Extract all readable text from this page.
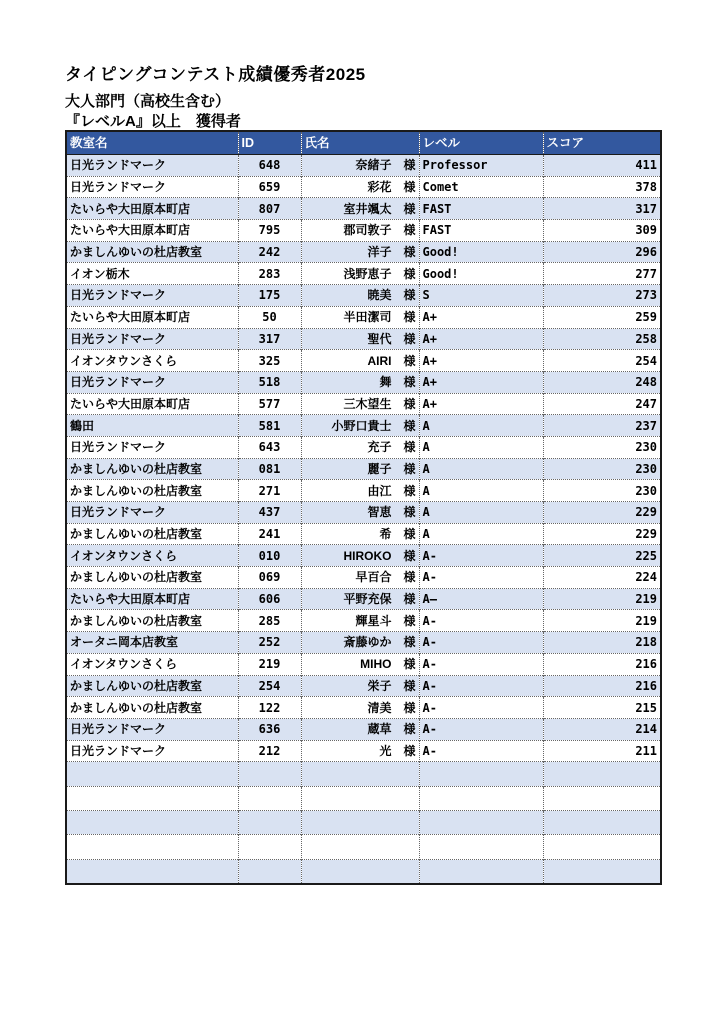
タイピングコンテスト成績優秀者2025
大人部門（高校生含む）
『レベルA』以上　獲得者
教室名	ID	氏名	レベル	スコア
日光ランドマーク	648	奈緒子　様	Professor	411
日光ランドマーク	659	彩花　様	Comet	378
たいらや大田原本町店	807	室井颯太　様	FAST	317
たいらや大田原本町店	795	郡司敦子　様	FAST	309
かましんゆいの杜店教室	242	洋子　様	Good!	296
イオン栃木	283	浅野恵子　様	Good!	277
日光ランドマーク	175	暁美　様	S	273
たいらや大田原本町店	50	半田潔司　様	A+	259
日光ランドマーク	317	聖代　様	A+	258
イオンタウンさくら	325	AIRI　様	A+	254
日光ランドマーク	518	舞　様	A+	248
たいらや大田原本町店	577	三木望生　様	A+	247
鶴田	581	小野口貴士　様	A	237
日光ランドマーク	643	充子　様	A	230
かましんゆいの杜店教室	081	麗子　様	A	230
かましんゆいの杜店教室	271	由江　様	A	230
日光ランドマーク	437	智恵　様	A	229
かましんゆいの杜店教室	241	希　様	A	229
イオンタウンさくら	010	HIROKO　様	A-	225
かましんゆいの杜店教室	069	早百合　様	A-	224
たいらや大田原本町店	606	平野充保　様	A―	219
かましんゆいの杜店教室	285	輝星斗　様	A-	219
オータニ岡本店教室	252	斎藤ゆか　様	A-	218
イオンタウンさくら	219	MIHO　様	A-	216
かましんゆいの杜店教室	254	栄子　様	A-	216
かましんゆいの杜店教室	122	清美　様	A-	215
日光ランドマーク	636	蔵草　様	A-	214
日光ランドマーク	212	光　様	A-	211
